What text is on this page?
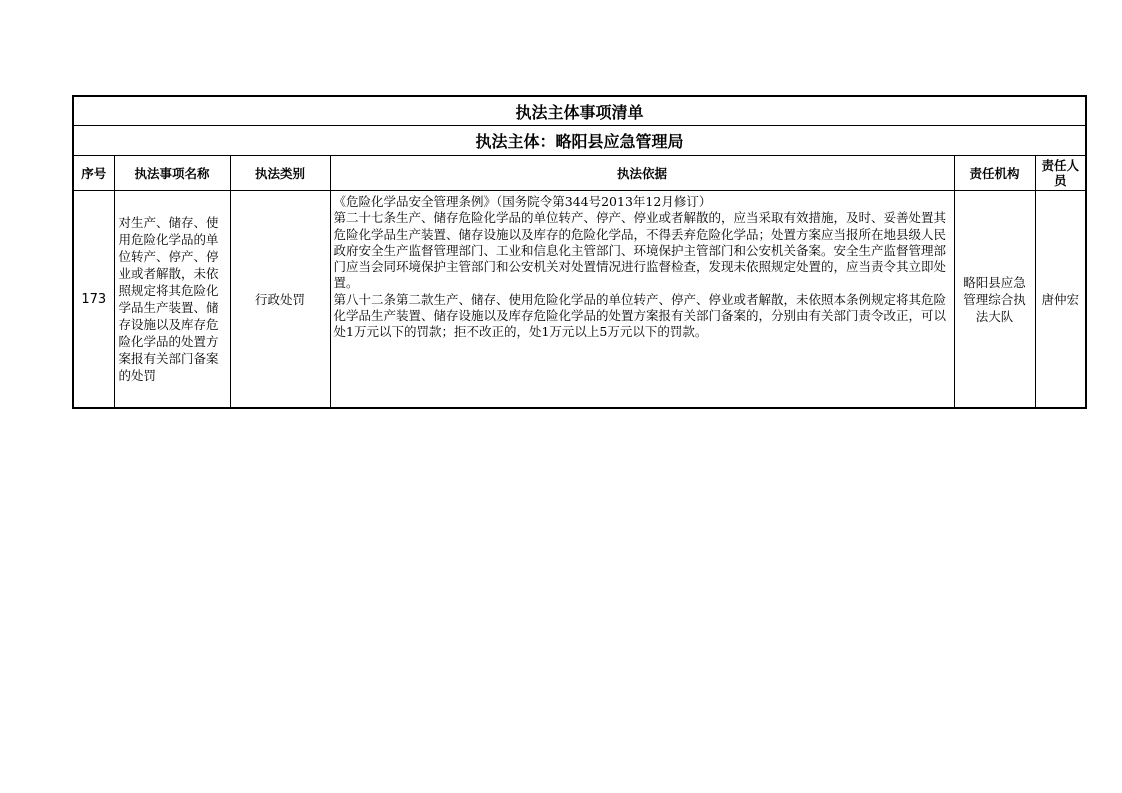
执法主体事项清单					
执法主体：略阳县应急管理局					
序号	执法事项名称	执法类别	执法依据	责任机构	责任人员
173	对生产、储存、使用危险化学品的单位转产、停产、停业或者解散，未依照规定将其危险化学品生产装置、储存设施以及库存危险化学品的处置方案报有关部门备案的处罚	行政处罚	《危险化学品安全管理条例》（国务院令第344号2013年12月修订）

第二十七条生产、储存危险化学品的单位转产、停产、停业或者解散的，应当采取有效措施，及时、妥善处置其危险化学品生产装置、储存设施以及库存的危险化学品，不得丢弃危险化学品；处置方案应当报所在地县级人民政府安全生产监督管理部门、工业和信息化主管部门、环境保护主管部门和公安机关备案。安全生产监督管理部门应当会同环境保护主管部门和公安机关对处置情况进行监督检查，发现未依照规定处置的，应当责令其立即处置。

第八十二条第二款生产、储存、使用危险化学品的单位转产、停产、停业或者解散，未依照本条例规定将其危险化学品生产装置、储存设施以及库存危险化学品的处置方案报有关部门备案的，分别由有关部门责令改正，可以处1万元以下的罚款；拒不改正的，处1万元以上5万元以下的罚款。	略阳县应急管理综合执法大队	唐仲宏
